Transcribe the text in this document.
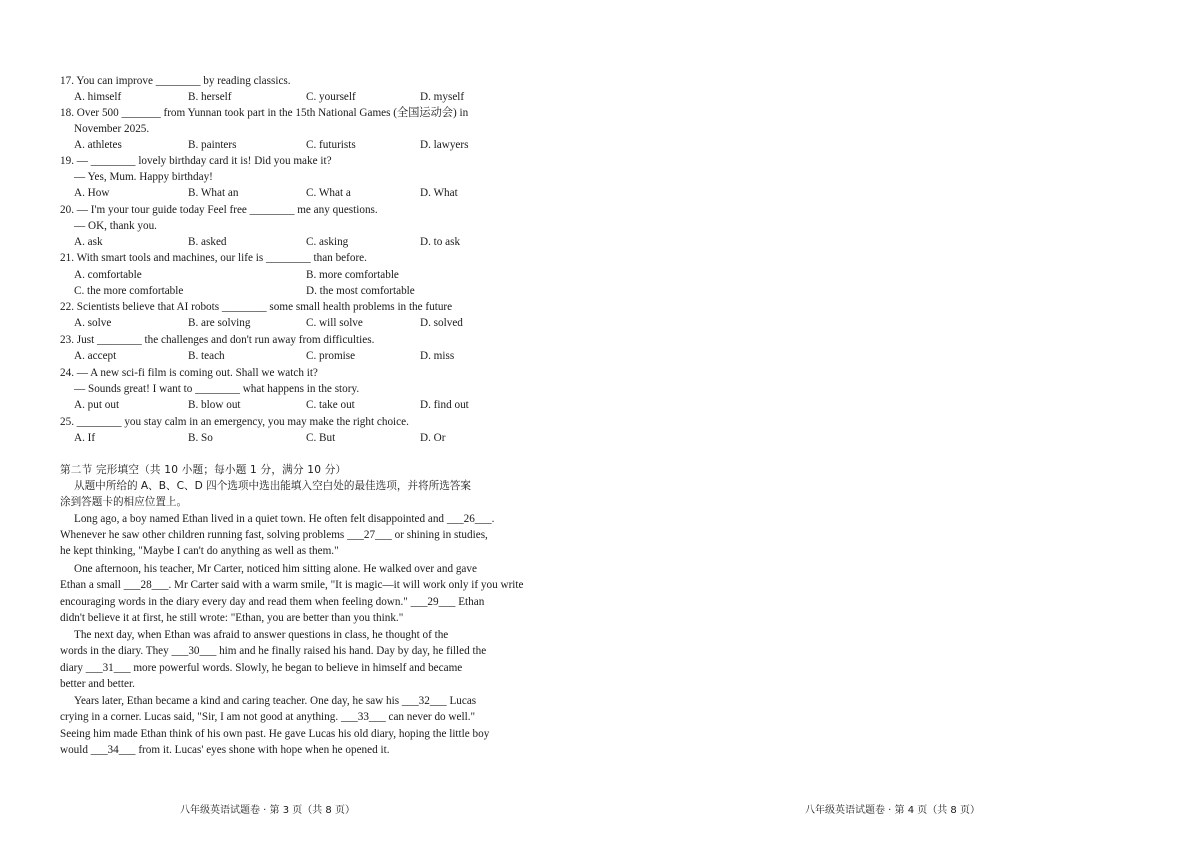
17. You can improve ________ by reading classics.
A. himself	B. herself	C. yourself	D. myself
18. Over 500 _______ from Yunnan took part in the 15th National Games (全国运动会) in
November 2025.
A. athletes	B. painters	C. futurists	D. lawyers
19. — ________ lovely birthday card it is! Did you make it?
— Yes, Mum. Happy birthday!
A. How	B. What an	C. What a	D. What
20. — I'm your tour guide today Feel free ________ me any questions.
— OK, thank you.
A. ask	B. asked	C. asking	D. to ask
21. With smart tools and machines, our life is ________ than before.
A. comfortable	B. more comfortable
C. the more comfortable	D. the most comfortable
22. Scientists believe that AI robots ________ some small health problems in the future
A. solve	B. are solving	C. will solve	D. solved
23. Just ________ the challenges and don't run away from difficulties.
A. accept	B. teach	C. promise	D. miss
24. — A new sci-fi film is coming out. Shall we watch it?
— Sounds great! I want to ________ what happens in the story.
A. put out	B. blow out	C. take out	D. find out
25. ________ you stay calm in an emergency, you may make the right choice.
A. If	B. So	C. But	D. Or
第二节 完形填空（共 10 小题；每小题 1 分，满分 10 分）
从题中所给的 A、B、C、D 四个选项中选出能填入空白处的最佳选项，并将所选答案
涂到答题卡的相应位置上。
Long ago, a boy named Ethan lived in a quiet town. He often felt disappointed and ___26___.
Whenever he saw other children running fast, solving problems ___27___ or shining in studies,
he kept thinking, "Maybe I can't do anything as well as them."
One afternoon, his teacher, Mr Carter, noticed him sitting alone. He walked over and gave
Ethan a small ___28___. Mr Carter said with a warm smile, "It is magic—it will work only if you write
encouraging words in the diary every day and read them when feeling down." ___29___ Ethan
didn't believe it at first, he still wrote: "Ethan, you are better than you think."
The next day, when Ethan was afraid to answer questions in class, he thought of the
words in the diary. They ___30___ him and he finally raised his hand. Day by day, he filled the
diary ___31___ more powerful words. Slowly, he began to believe in himself and became
better and better.
Years later, Ethan became a kind and caring teacher. One day, he saw his ___32___ Lucas
crying in a corner. Lucas said, "Sir, I am not good at anything. ___33___ can never do well."
Seeing him made Ethan think of his own past. He gave Lucas his old diary, hoping the little boy
would ___34___ from it. Lucas' eyes shone with hope when he opened it.
八年级英语试题卷 · 第 3 页（共 8 页）	八年级英语试题卷 · 第 4 页（共 8 页）
